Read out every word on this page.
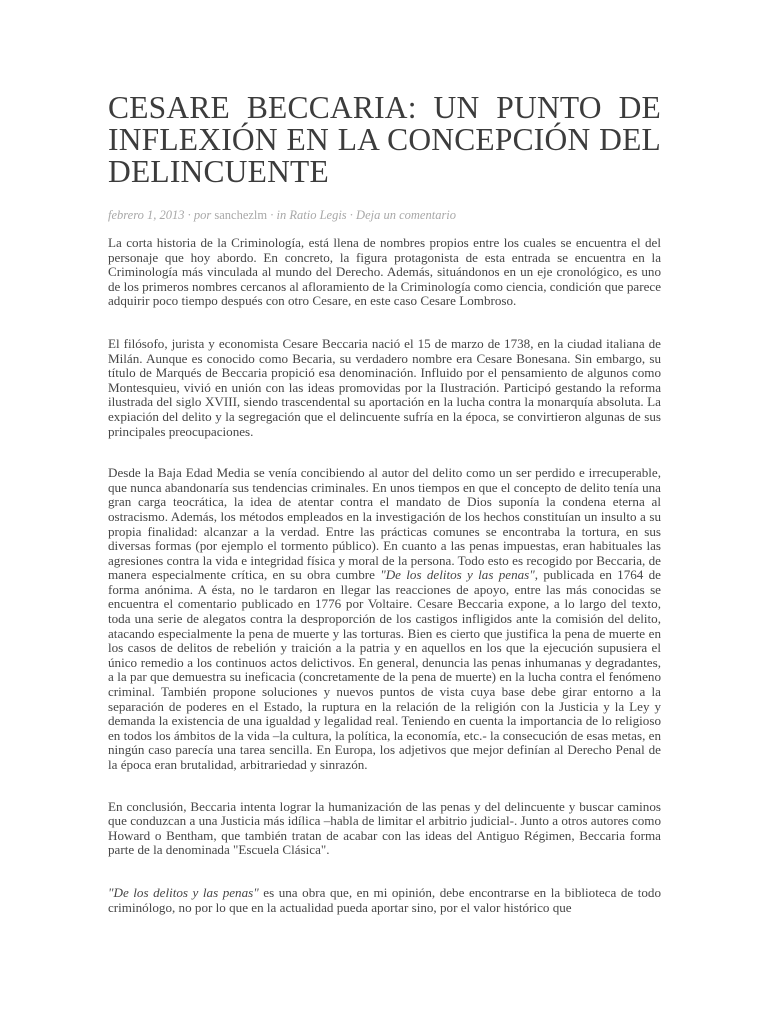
CESARE BECCARIA: UN PUNTO DE INFLEXIÓN EN LA CONCEPCIÓN DEL DELINCUENTE
febrero 1, 2013 · por sanchezlm · in Ratio Legis · Deja un comentario

La corta historia de la Criminología, está llena de nombres propios entre los cuales se encuentra el del personaje que hoy abordo. En concreto, la figura protagonista de esta entrada se encuentra en la Criminología más vinculada al mundo del Derecho. Además, situándonos en un eje cronológico, es uno de los primeros nombres cercanos al afloramiento de la Criminología como ciencia, condición que parece adquirir poco tiempo después con otro Cesare, en este caso Cesare Lombroso.

El filósofo, jurista y economista Cesare Beccaria nació el 15 de marzo de 1738, en la ciudad italiana de Milán. Aunque es conocido como Becaria, su verdadero nombre era Cesare Bonesana. Sin embargo, su título de Marqués de Beccaria propició esa denominación. Influido por el pensamiento de algunos como Montesquieu, vivió en unión con las ideas promovidas por la Ilustración. Participó gestando la reforma ilustrada del siglo XVIII, siendo trascendental su aportación en la lucha contra la monarquía absoluta. La expiación del delito y la segregación que el delincuente sufría en la época, se convirtieron algunas de sus principales preocupaciones.

Desde la Baja Edad Media se venía concibiendo al autor del delito como un ser perdido e irrecuperable, que nunca abandonaría sus tendencias criminales. En unos tiempos en que el concepto de delito tenía una gran carga teocrática, la idea de atentar contra el mandato de Dios suponía la condena eterna al ostracismo. Además, los métodos empleados en la investigación de los hechos constituían un insulto a su propia finalidad: alcanzar a la verdad. Entre las prácticas comunes se encontraba la tortura, en sus diversas formas (por ejemplo el tormento público). En cuanto a las penas impuestas, eran habituales las agresiones contra la vida e integridad física y moral de la persona. Todo esto es recogido por Beccaria, de manera especialmente crítica, en su obra cumbre "De los delitos y las penas", publicada en 1764 de forma anónima. A ésta, no le tardaron en llegar las reacciones de apoyo, entre las más conocidas se encuentra el comentario publicado en 1776 por Voltaire. Cesare Beccaria expone, a lo largo del texto, toda una serie de alegatos contra la desproporción de los castigos infligidos ante la comisión del delito, atacando especialmente la pena de muerte y las torturas. Bien es cierto que justifica la pena de muerte en los casos de delitos de rebelión y traición a la patria y en aquellos en los que la ejecución supusiera el único remedio a los continuos actos delictivos. En general, denuncia las penas inhumanas y degradantes, a la par que demuestra su ineficacia (concretamente de la pena de muerte) en la lucha contra el fenómeno criminal. También propone soluciones y nuevos puntos de vista cuya base debe girar entorno a la separación de poderes en el Estado, la ruptura en la relación de la religión con la Justicia y la Ley y demanda la existencia de una igualdad y legalidad real. Teniendo en cuenta la importancia de lo religioso en todos los ámbitos de la vida –la cultura, la política, la economía, etc.- la consecución de esas metas, en ningún caso parecía una tarea sencilla. En Europa, los adjetivos que mejor definían al Derecho Penal de la época eran brutalidad, arbitrariedad y sinrazón.

En conclusión, Beccaria intenta lograr la humanización de las penas y del delincuente y buscar caminos que conduzcan a una Justicia más idílica –habla de limitar el arbitrio judicial-. Junto a otros autores como Howard o Bentham, que también tratan de acabar con las ideas del Antiguo Régimen, Beccaria forma parte de la denominada "Escuela Clásica".

"De los delitos y las penas" es una obra que, en mi opinión, debe encontrarse en la biblioteca de todo criminólogo, no por lo que en la actualidad pueda aportar sino, por el valor histórico que
